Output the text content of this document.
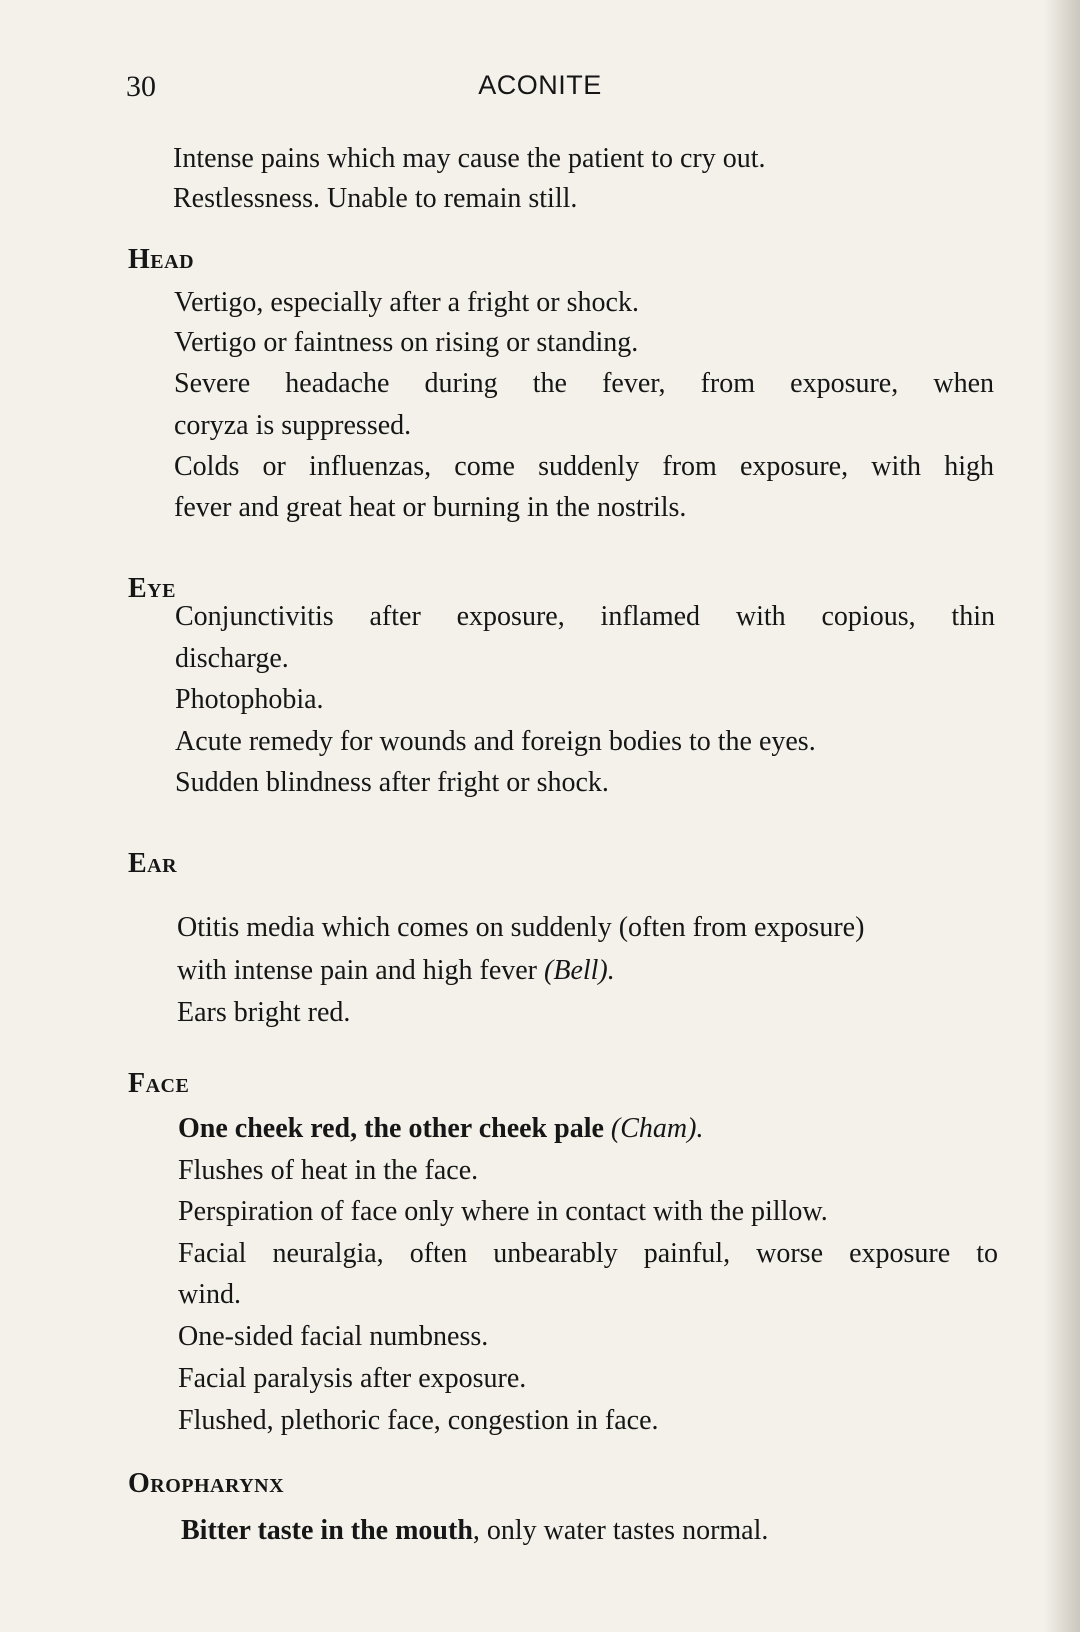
30	ACONITE
Intense pains which may cause the patient to cry out.
Restlessness. Unable to remain still.
Head
Vertigo, especially after a fright or shock.
Vertigo or faintness on rising or standing.
Severe headache during the fever, from exposure, when
coryza is suppressed.
Colds or influenzas, come suddenly from exposure, with high
fever and great heat or burning in the nostrils.
Eye
Conjunctivitis after exposure, inflamed with copious, thin
discharge.
Photophobia.
Acute remedy for wounds and foreign bodies to the eyes.
Sudden blindness after fright or shock.
Ear
Otitis media which comes on suddenly (often from exposure)
with intense pain and high fever (Bell).
Ears bright red.
Face
One cheek red, the other cheek pale (Cham).
Flushes of heat in the face.
Perspiration of face only where in contact with the pillow.
Facial neuralgia, often unbearably painful, worse exposure to
wind.
One-sided facial numbness.
Facial paralysis after exposure.
Flushed, plethoric face, congestion in face.
Oropharynx
Bitter taste in the mouth, only water tastes normal.
